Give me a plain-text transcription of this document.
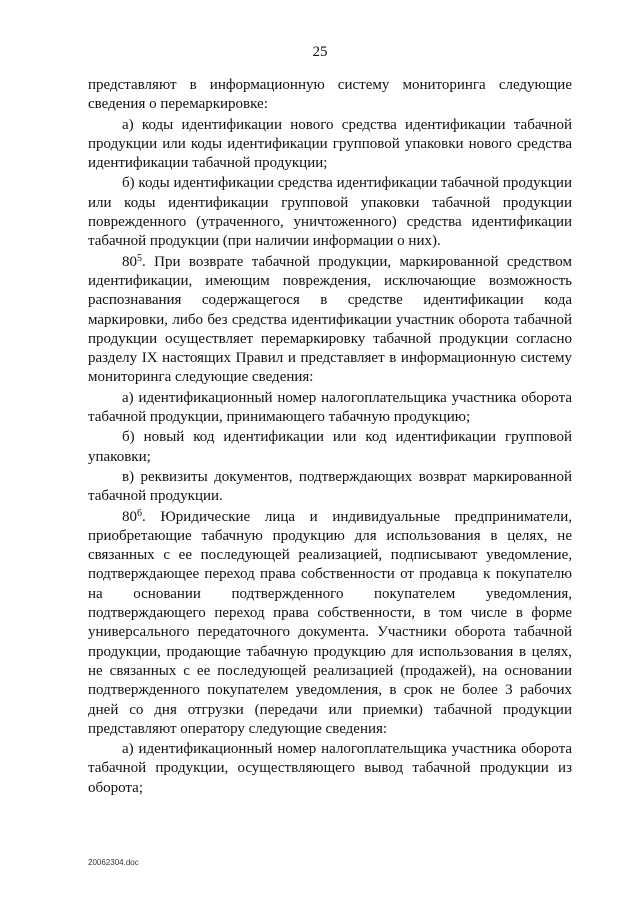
25

представляют в информационную систему мониторинга следующие сведения о перемаркировке:

а) коды идентификации нового средства идентификации табачной продукции или коды идентификации групповой упаковки нового средства идентификации табачной продукции;

б) коды идентификации средства идентификации табачной продукции или коды идентификации групповой упаковки табачной продукции поврежденного (утраченного, уничтоженного) средства идентификации табачной продукции (при наличии информации о них).

$80^5$. При возврате табачной продукции, маркированной средством идентификации, имеющим повреждения, исключающие возможность распознавания содержащегося в средстве идентификации кода маркировки, либо без средства идентификации участник оборота табачной продукции осуществляет перемаркировку табачной продукции согласно разделу IX настоящих Правил и представляет в информационную систему мониторинга следующие сведения:

а) идентификационный номер налогоплательщика участника оборота табачной продукции, принимающего табачную продукцию;

б) новый код идентификации или код идентификации групповой упаковки;

в) реквизиты документов, подтверждающих возврат маркированной табачной продукции.

$80^6$. Юридические лица и индивидуальные предприниматели, приобретающие табачную продукцию для использования в целях, не связанных с ее последующей реализацией, подписывают уведомление, подтверждающее переход права собственности от продавца к покупателю на основании подтвержденного покупателем уведомления, подтверждающего переход права собственности, в том числе в форме универсального передаточного документа. Участники оборота табачной продукции, продающие табачную продукцию для использования в целях, не связанных с ее последующей реализацией (продажей), на основании подтвержденного покупателем уведомления, в срок не более 3 рабочих дней со дня отгрузки (передачи или приемки) табачной продукции представляют оператору следующие сведения:

а) идентификационный номер налогоплательщика участника оборота табачной продукции, осуществляющего вывод табачной продукции из оборота;

20062304.doc
